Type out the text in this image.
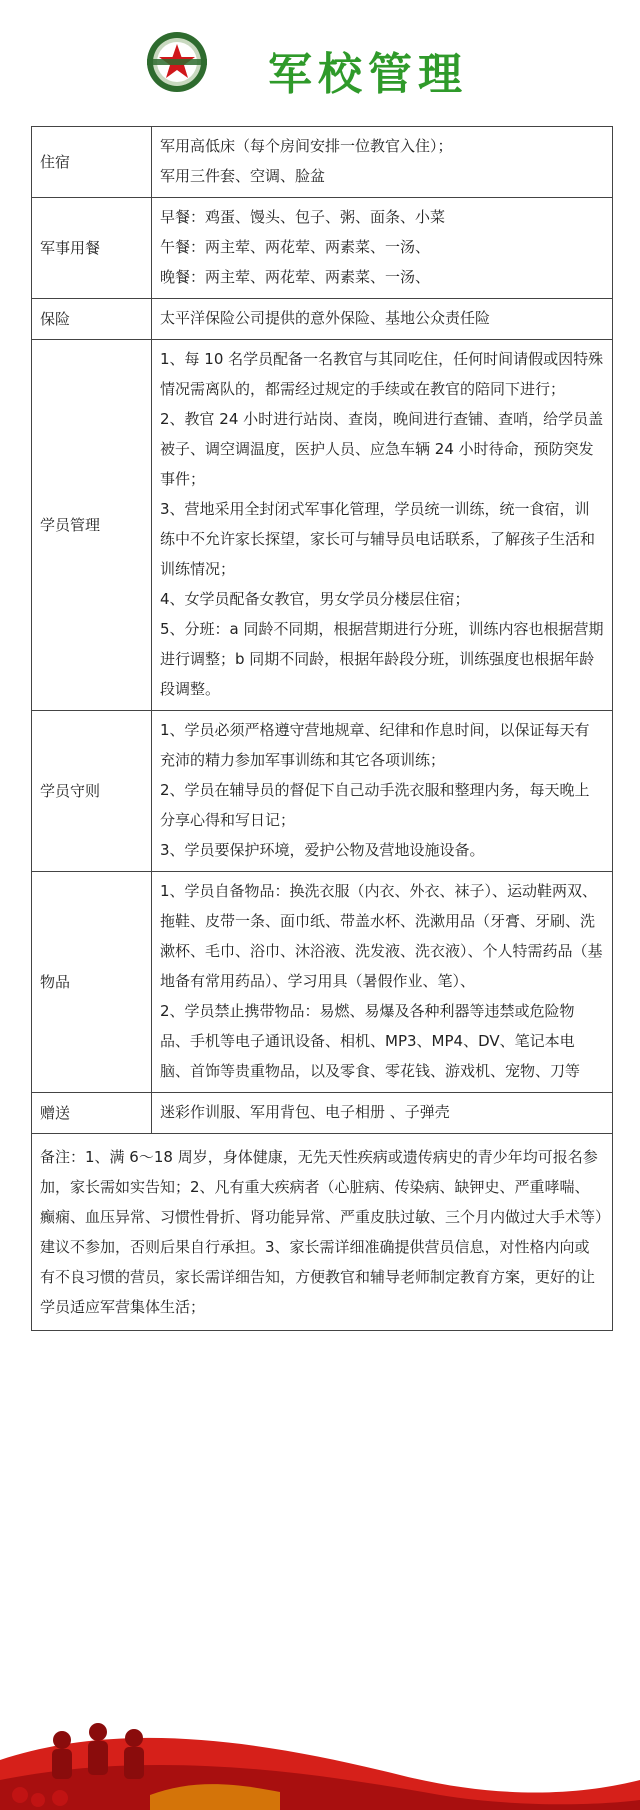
军校管理
住宿	军用高低床（每个房间安排一位教官入住）；

军用三件套、空调、脸盆

军事用餐	早餐：鸡蛋、馒头、包子、粥、面条、小菜

午餐：两主荤、两花荤、两素菜、一汤、

晚餐：两主荤、两花荤、两素菜、一汤、

保险	太平洋保险公司提供的意外保险、基地公众责任险

学员管理	1、每 10 名学员配备一名教官与其同吃住，任何时间请假或因特殊情况需离队的，都需经过规定的手续或在教官的陪同下进行；

2、教官 24 小时进行站岗、查岗，晚间进行查铺、查哨，给学员盖被子、调空调温度，医护人员、应急车辆 24 小时待命，预防突发事件；

3、营地采用全封闭式军事化管理，学员统一训练，统一食宿，训练中不允许家长探望，家长可与辅导员电话联系，了解孩子生活和训练情况；

4、女学员配备女教官，男女学员分楼层住宿；

5、分班：a 同龄不同期，根据营期进行分班，训练内容也根据营期进行调整；b 同期不同龄，根据年龄段分班，训练强度也根据年龄段调整。

学员守则	1、学员必须严格遵守营地规章、纪律和作息时间，以保证每天有充沛的精力参加军事训练和其它各项训练；

2、学员在辅导员的督促下自己动手洗衣服和整理内务，每天晚上分享心得和写日记；

3、学员要保护环境，爱护公物及营地设施设备。

物品	1、学员自备物品：换洗衣服（内衣、外衣、袜子）、运动鞋两双、拖鞋、皮带一条、面巾纸、带盖水杯、洗漱用品（牙膏、牙刷、洗漱杯、毛巾、浴巾、沐浴液、洗发液、洗衣液）、个人特需药品（基地备有常用药品）、学习用具（暑假作业、笔）、

2、学员禁止携带物品：易燃、易爆及各种利器等违禁或危险物品、手机等电子通讯设备、相机、MP3、MP4、DV、笔记本电脑、首饰等贵重物品，以及零食、零花钱、游戏机、宠物、刀等

赠送	迷彩作训服、军用背包、电子相册 、子弹壳

备注：1、满 6～18 周岁，身体健康，无先天性疾病或遗传病史的青少年均可报名参加，家长需如实告知；2、凡有重大疾病者（心脏病、传染病、缺钾史、严重哮喘、癫痫、血压异常、习惯性骨折、肾功能异常、严重皮肤过敏、三个月内做过大手术等）建议不参加，否则后果自行承担。3、家长需详细准确提供营员信息，对性格内向或有不良习惯的营员，家长需详细告知，方便教官和辅导老师制定教育方案，更好的让学员适应军营集体生活；	
